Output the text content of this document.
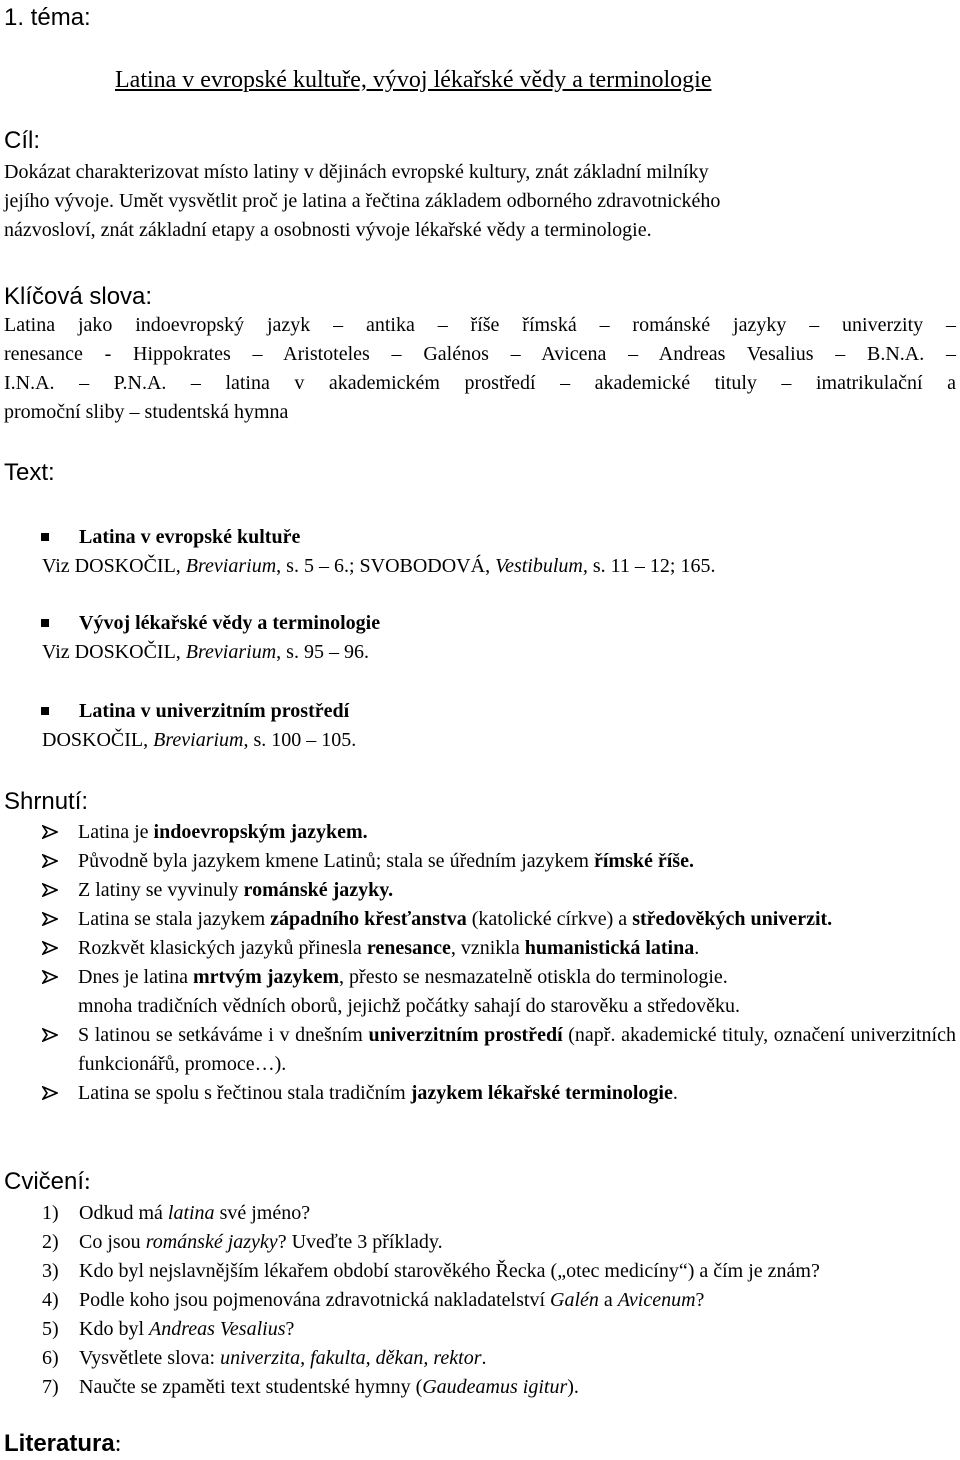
1. téma:
Latina v evropské kultuře, vývoj lékařské vědy a terminologie
Cíl:
Dokázat charakterizovat místo latiny v dějinách evropské kultury, znát základní milníky
jejího vývoje. Umět vysvětlit proč je latina a řečtina základem odborného zdravotnického
názvosloví, znát základní etapy a osobnosti vývoje lékařské vědy a terminologie.
Klíčová slova:
Latina jako indoevropský jazyk – antika – říše římská – románské jazyky – univerzity –
renesance - Hippokrates – Aristoteles – Galénos – Avicena – Andreas Vesalius – B.N.A. –
I.N.A. – P.N.A. – latina v akademickém prostředí – akademické tituly – imatrikulační a
promoční sliby – studentská hymna
Text:
Latina v evropské kultuře
Viz DOSKOČIL, Breviarium, s. 5 – 6.; SVOBODOVÁ, Vestibulum, s. 11 – 12; 165.
Vývoj lékařské vědy a terminologie
Viz DOSKOČIL, Breviarium, s. 95 – 96.
Latina v univerzitním prostředí
DOSKOČIL, Breviarium, s. 100 – 105.
Shrnutí:
Latina je indoevropským jazykem.
Původně byla jazykem kmene Latinů; stala se úředním jazykem římské říše.
Z latiny se vyvinuly románské jazyky.
Latina se stala jazykem západního křesťanstva (katolické církve) a středověkých univerzit.
Rozkvět klasických jazyků přinesla renesance, vznikla humanistická latina.
Dnes je latina mrtvým jazykem, přesto se nesmazatelně otiskla do terminologie.
mnoha tradičních vědních oborů, jejichž počátky sahají do starověku a středověku.
S latinou se setkáváme i v dnešním univerzitním prostředí (např. akademické tituly, označení univerzitních funkcionářů, promoce…).
Latina se spolu s řečtinou stala tradičním jazykem lékařské terminologie.
Cvičení:
1) Odkud má latina své jméno?
2) Co jsou románské jazyky? Uveďte 3 příklady.
3) Kdo byl nejslavnějším lékařem období starověkého Řecka („otec medicíny“) a čím je znám?
4) Podle koho jsou pojmenována zdravotnická nakladatelství Galén a Avicenum?
5) Kdo byl Andreas Vesalius?
6) Vysvětlete slova: univerzita, fakulta, děkan, rektor.
7) Naučte se zpaměti text studentské hymny (Gaudeamus igitur).
Literatura:
